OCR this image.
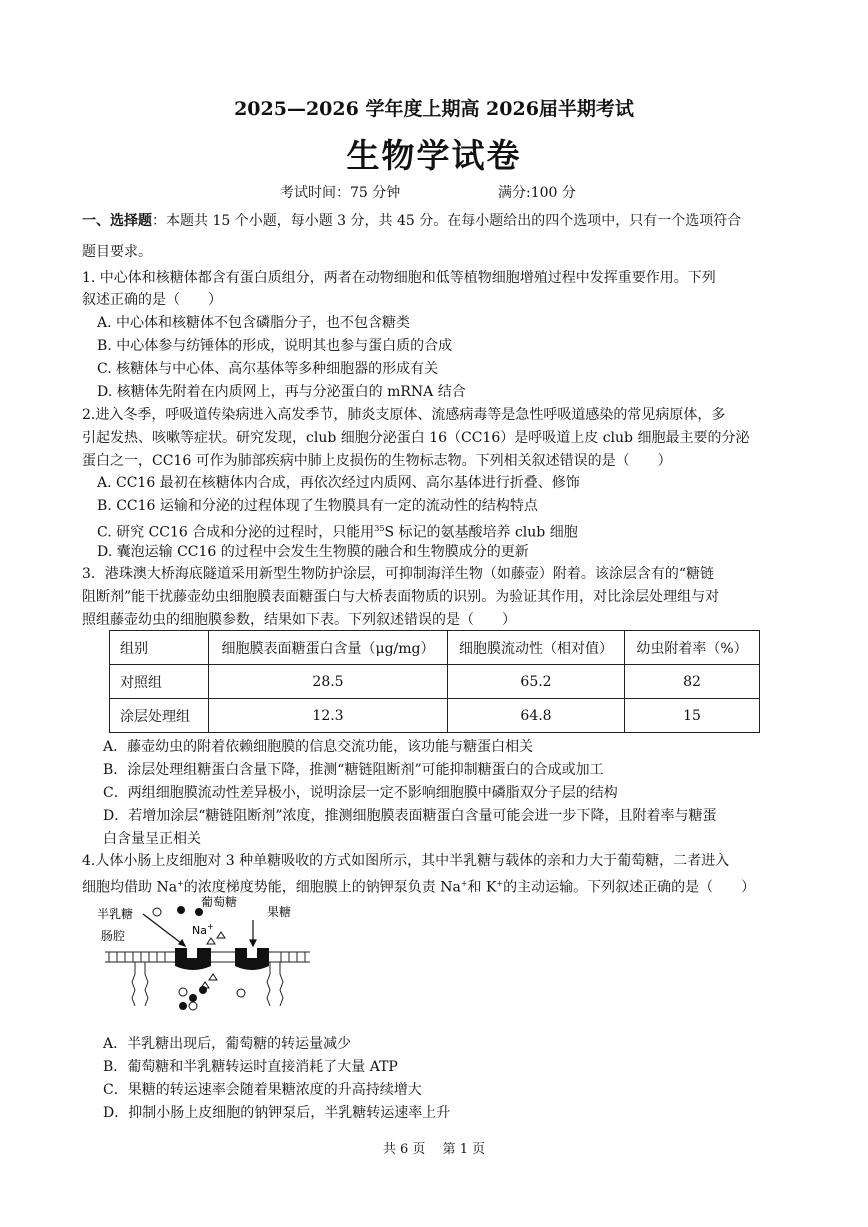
2025—2026 学年度上期高 2026届半期考试
生物学试卷
考试时间：75 分钟	满分:100 分
一、选择题：本题共 15 个小题，每小题 3 分，共 45 分。在每小题给出的四个选项中，只有一个选项符合
题目要求。
1. 中心体和核糖体都含有蛋白质组分，两者在动物细胞和低等植物细胞增殖过程中发挥重要作用。下列
叙述正确的是（　　）
A. 中心体和核糖体不包含磷脂分子，也不包含糖类
B. 中心体参与纺锤体的形成，说明其也参与蛋白质的合成
C. 核糖体与中心体、高尔基体等多种细胞器的形成有关
D. 核糖体先附着在内质网上，再与分泌蛋白的 mRNA 结合
2.进入冬季，呼吸道传染病进入高发季节，肺炎支原体、流感病毒等是急性呼吸道感染的常见病原体，多
引起发热、咳嗽等症状。研究发现，club 细胞分泌蛋白 16（CC16）是呼吸道上皮 club 细胞最主要的分泌
蛋白之一，CC16 可作为肺部疾病中肺上皮损伤的生物标志物。下列相关叙述错误的是（　　）
A. CC16 最初在核糖体内合成，再依次经过内质网、高尔基体进行折叠、修饰
B. CC16 运输和分泌的过程体现了生物膜具有一定的流动性的结构特点
C. 研究 CC16 合成和分泌的过程时，只能用$^{35}$S 标记的氨基酸培养 club 细胞
D. 囊泡运输 CC16 的过程中会发生生物膜的融合和生物膜成分的更新
3．港珠澳大桥海底隧道采用新型生物防护涂层，可抑制海洋生物（如藤壶）附着。该涂层含有的“糖链
阻断剂”能干扰藤壶幼虫细胞膜表面糖蛋白与大桥表面物质的识别。为验证其作用，对比涂层处理组与对
照组藤壶幼虫的细胞膜参数，结果如下表。下列叙述错误的是（　　）
组别	细胞膜表面糖蛋白含量（μg/mg）	细胞膜流动性（相对值）	幼虫附着率（%）
对照组	28.5	65.2	82
涂层处理组	12.3	64.8	15
A．藤壶幼虫的附着依赖细胞膜的信息交流功能，该功能与糖蛋白相关
B．涂层处理组糖蛋白含量下降，推测“糖链阻断剂”可能抑制糖蛋白的合成或加工
C．两组细胞膜流动性差异极小，说明涂层一定不影响细胞膜中磷脂双分子层的结构
D．若增加涂层“糖链阻断剂”浓度，推测细胞膜表面糖蛋白含量可能会进一步下降，且附着率与糖蛋
白含量呈正相关
4.人体小肠上皮细胞对 3 种单糖吸收的方式如图所示，其中半乳糖与载体的亲和力大于葡萄糖，二者进入
细胞均借助 Na+的浓度梯度势能，细胞膜上的钠钾泵负责 Na+和 K+的主动运输。下列叙述正确的是（　　）
半乳糖
葡萄糖
果糖
肠腔	Na+
A．半乳糖出现后，葡萄糖的转运量减少
B．葡萄糖和半乳糖转运时直接消耗了大量 ATP
C．果糖的转运速率会随着果糖浓度的升高持续增大
D．抑制小肠上皮细胞的钠钾泵后，半乳糖转运速率上升
共 6 页　 第 1 页
